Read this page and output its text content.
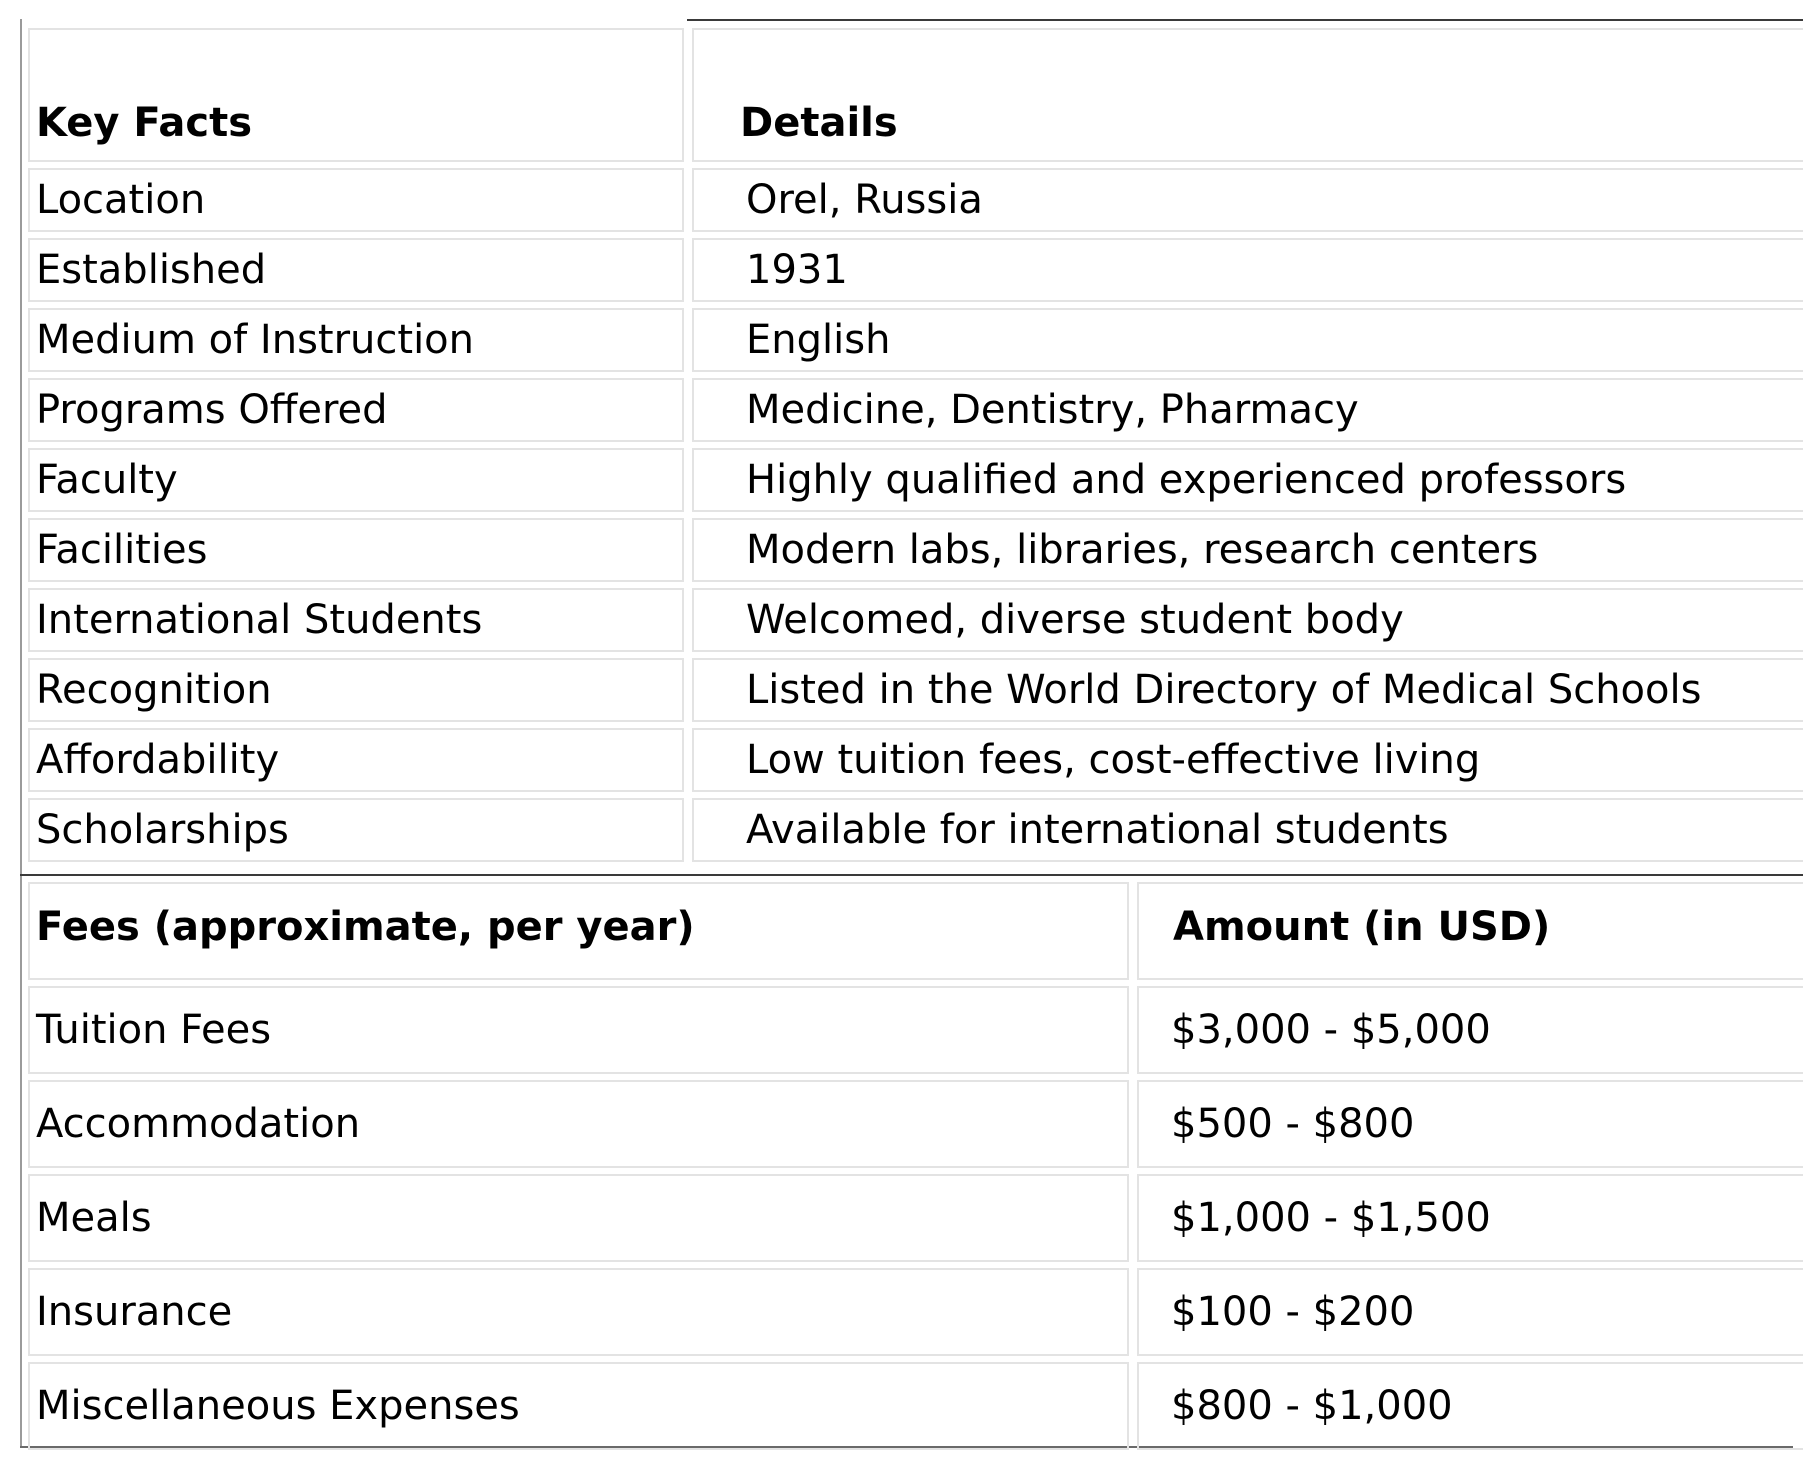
Key Facts	Details
Location	Orel, Russia
Established	1931
Medium of Instruction	English
Programs Offered	Medicine, Dentistry, Pharmacy
Faculty	Highly qualified and experienced professors
Facilities	Modern labs, libraries, research centers
International Students	Welcomed, diverse student body
Recognition	Listed in the World Directory of Medical Schools
Affordability	Low tuition fees, cost-effective living
Scholarships	Available for international students
Fees (approximate, per year)	Amount (in USD)
Tuition Fees	$3,000 - $5,000
Accommodation	$500 - $800
Meals	$1,000 - $1,500
Insurance	$100 - $200
Miscellaneous Expenses	$800 - $1,000
